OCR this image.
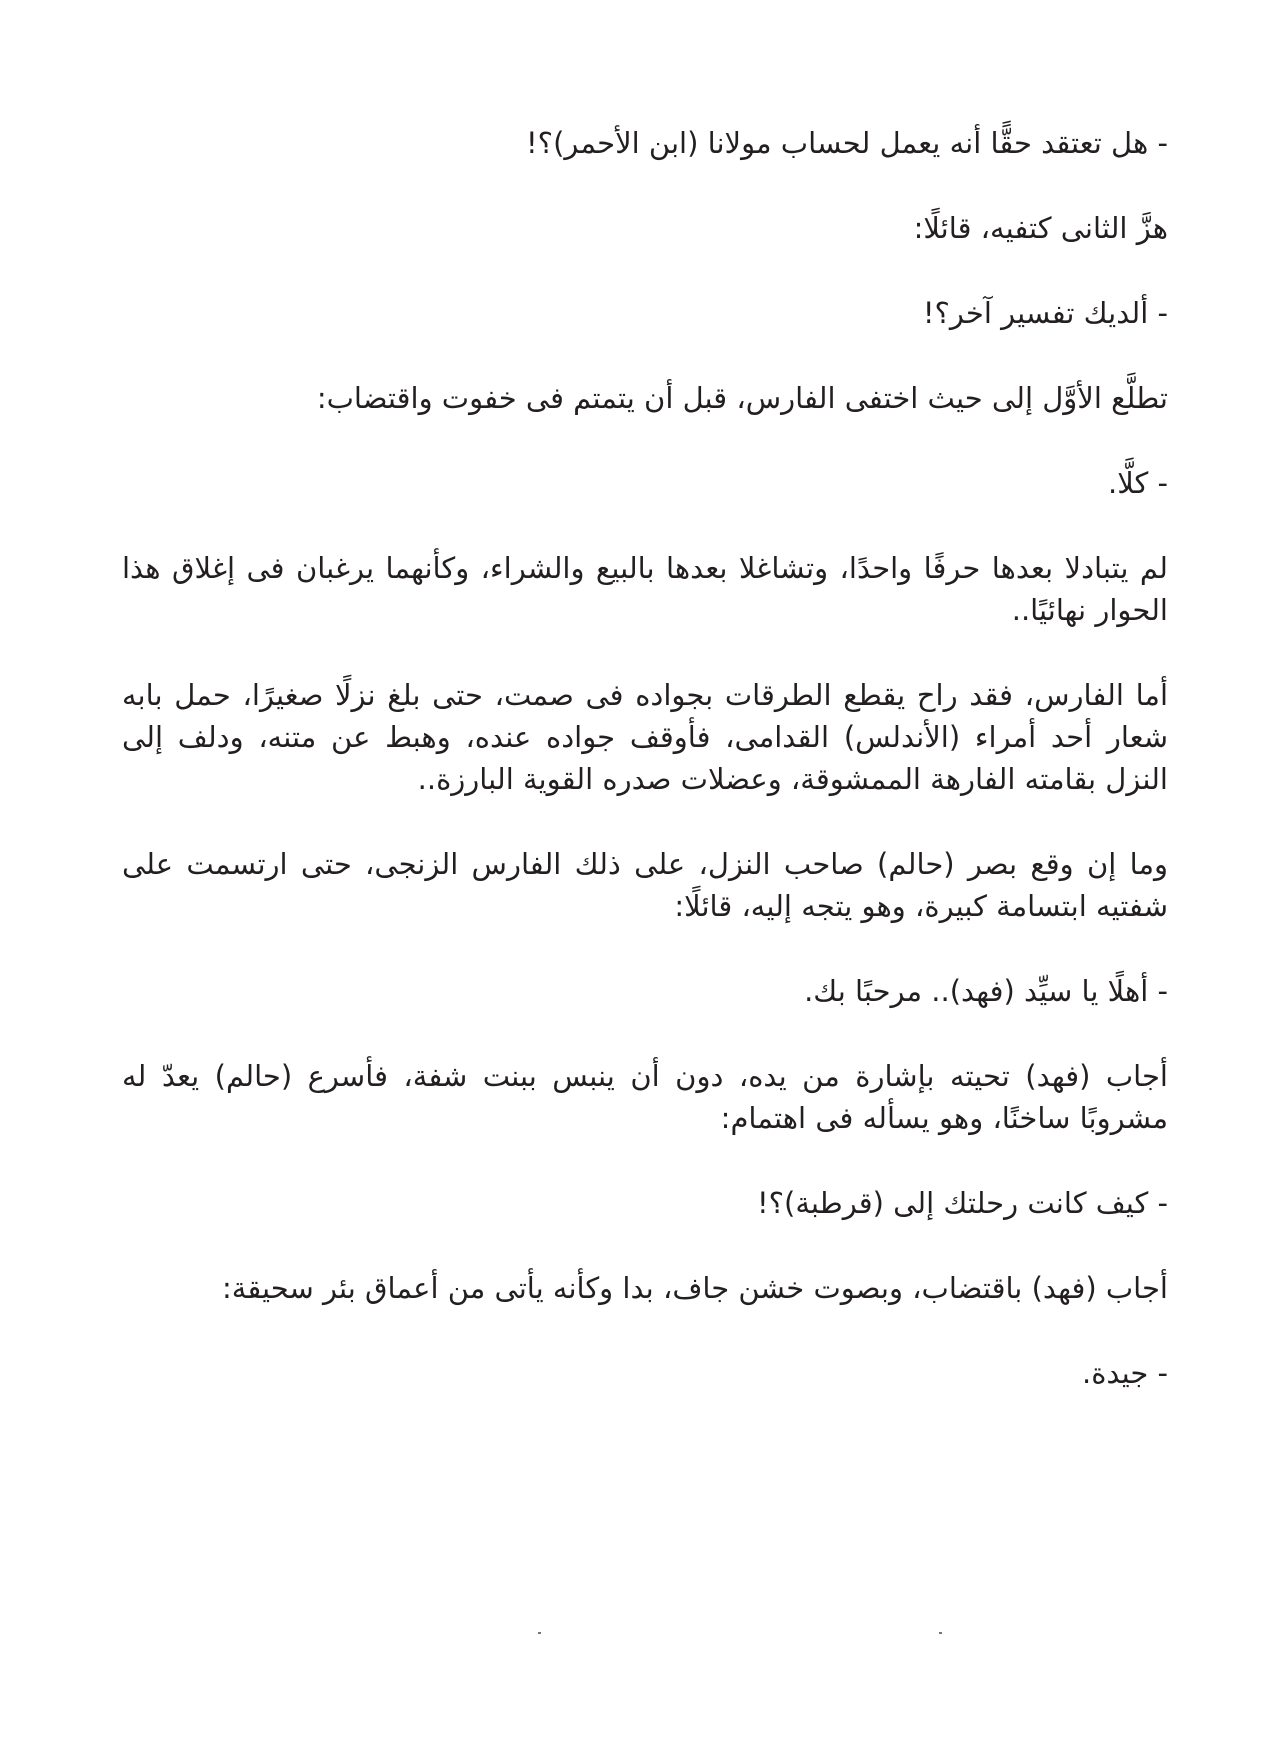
- هل تعتقد حقًّا أنه يعمل لحساب مولانا (ابن الأحمر)؟!

هزَّ الثانى كتفيه، قائلًا:

- ألديك تفسير آخر؟!

تطلَّع الأوَّل إلى حيث اختفى الفارس، قبل أن يتمتم فى خفوت واقتضاب:

- كلَّا.

لم يتبادلا بعدها حرفًا واحدًا، وتشاغلا بعدها بالبيع والشراء، وكأنهما يرغبان فى إغلاق هذا الحوار نهائيًا..

أما الفارس، فقد راح يقطع الطرقات بجواده فى صمت، حتى بلغ نزلًا صغيرًا، حمل بابه شعار أحد أمراء (الأندلس) القدامى، فأوقف جواده عنده، وهبط عن متنه، ودلف إلى النزل بقامته الفارهة الممشوقة، وعضلات صدره القوية البارزة..

وما إن وقع بصر (حالم) صاحب النزل، على ذلك الفارس الزنجى، حتى ارتسمت على شفتيه ابتسامة كبيرة، وهو يتجه إليه، قائلًا:

- أهلًا يا سيِّد (فهد).. مرحبًا بك.

أجاب (فهد) تحيته بإشارة من يده، دون أن ينبس ببنت شفة، فأسرع (حالم) يعدّ له مشروبًا ساخنًا، وهو يسأله فى اهتمام:

- كيف كانت رحلتك إلى (قرطبة)؟!

أجاب (فهد) باقتضاب، وبصوت خشن جاف، بدا وكأنه يأتى من أعماق بئر سحيقة:

- جيدة.
